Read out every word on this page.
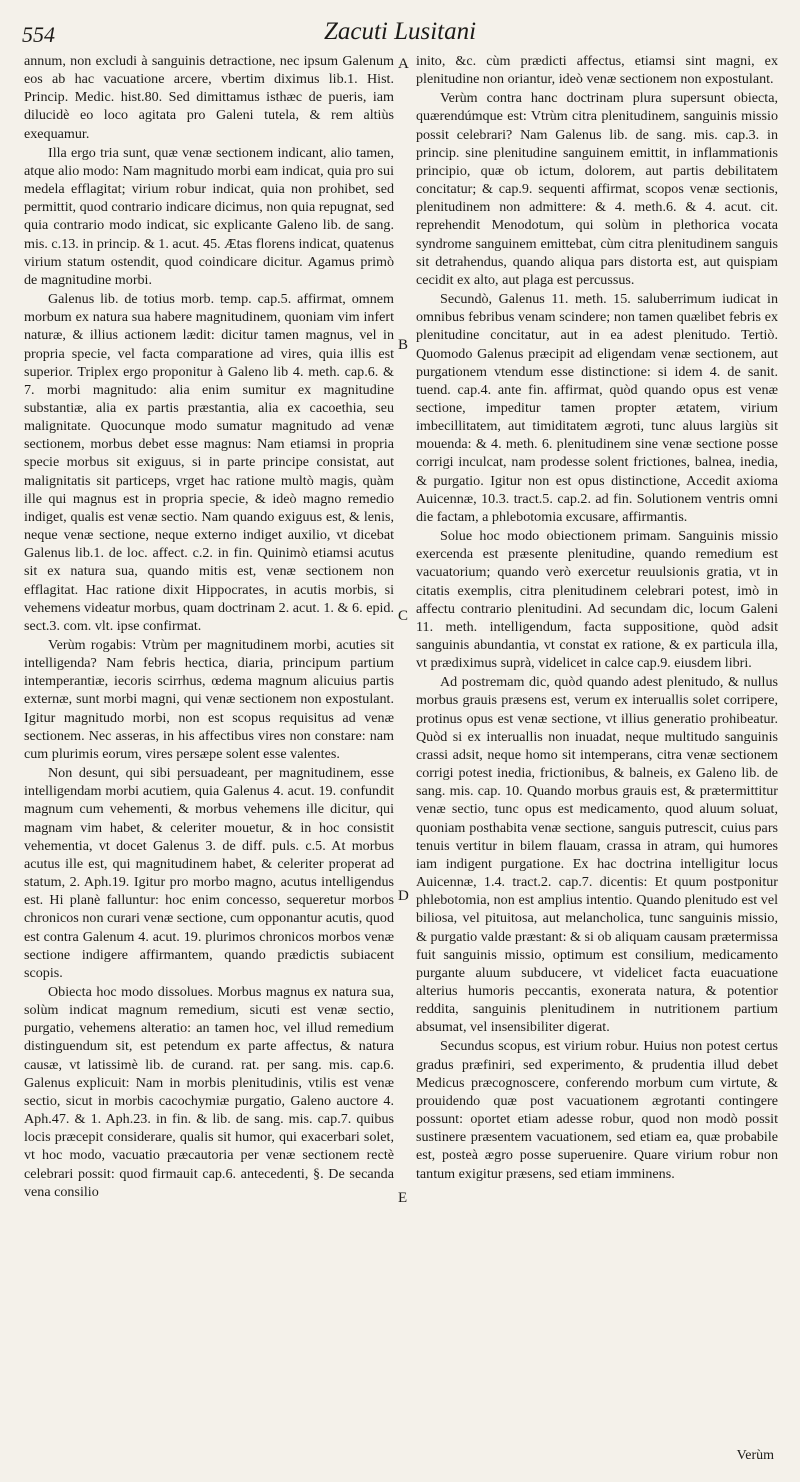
554	Zacuti Lusitani

annum, non excludi à sanguinis detractione, nec ipsum Galenum eos ab hac vacuatione arcere, vbertim diximus lib.1. Hist. Princip. Medic. hist.80. Sed dimittamus isthæc de pueris, iam dilucidè eo loco agitata pro Galeni tutela, & rem altiùs exequamur.

Illa ergo tria sunt, quæ venæ sectionem indicant, alio tamen, atque alio modo: Nam magnitudo morbi eam indicat, quia pro sui medela efflagitat; virium robur indicat, quia non prohibet, sed permittit, quod contrario indicare dicimus, non quia repugnat, sed quia contrario modo indicat, sic explicante Galeno lib. de sang. mis. c.13. in princip. & 1. acut. 45. Ætas florens indicat, quatenus virium statum ostendit, quod coindicare dicitur. Agamus primò de magnitudine morbi.

Galenus lib. de totius morb. temp. cap.5. affirmat, omnem morbum ex natura sua habere magnitudinem, quoniam vim infert naturæ, & illius actionem lædit: dicitur tamen magnus, vel in propria specie, vel facta comparatione ad vires, quia illis est superior. Triplex ergo proponitur à Galeno lib 4. meth. cap.6. & 7. morbi magnitudo: alia enim sumitur ex magnitudine substantiæ, alia ex partis præstantia, alia ex cacoethia, seu malignitate. Quocunque modo sumatur magnitudo ad venæ sectionem, morbus debet esse magnus: Nam etiamsi in propria specie morbus sit exiguus, si in parte principe consistat, aut malignitatis sit particeps, vrget hac ratione multò magis, quàm ille qui magnus est in propria specie, & ideò magno remedio indiget, qualis est venæ sectio. Nam quando exiguus est, & lenis, neque venæ sectione, neque externo indiget auxilio, vt dicebat Galenus lib.1. de loc. affect. c.2. in fin. Quinimò etiamsi acutus sit ex natura sua, quando mitis est, venæ sectionem non efflagitat. Hac ratione dixit Hippocrates, in acutis morbis, si vehemens videatur morbus, quam doctrinam 2. acut. 1. & 6. epid. sect.3. com. vlt. ipse confirmat.

Verùm rogabis: Vtrùm per magnitudinem morbi, acuties sit intelligenda? Nam febris hectica, diaria, principum partium intemperantiæ, iecoris scirrhus, œdema magnum alicuius partis externæ, sunt morbi magni, qui venæ sectionem non expostulant. Igitur magnitudo morbi, non est scopus requisitus ad venæ sectionem. Nec asseras, in his affectibus vires non constare: nam cum plurimis eorum, vires persæpe solent esse valentes.

Non desunt, qui sibi persuadeant, per magnitudinem, esse intelligendam morbi acutiem, quia Galenus 4. acut. 19. confundit magnum cum vehementi, & morbus vehemens ille dicitur, qui magnam vim habet, & celeriter mouetur, & in hoc consistit vehementia, vt docet Galenus 3. de diff. puls. c.5. At morbus acutus ille est, qui magnitudinem habet, & celeriter properat ad statum, 2. Aph.19. Igitur pro morbo magno, acutus intelligendus est. Hi planè falluntur: hoc enim concesso, sequeretur morbos chronicos non curari venæ sectione, cum opponantur acutis, quod est contra Galenum 4. acut. 19. plurimos chronicos morbos venæ sectione indigere affirmantem, quando prædictis subiacent scopis.

Obiecta hoc modo dissolues. Morbus magnus ex natura sua, solùm indicat magnum remedium, sicuti est venæ sectio, purgatio, vehemens alteratio: an tamen hoc, vel illud remedium distinguendum sit, est petendum ex parte affectus, & natura causæ, vt latissimè lib. de curand. rat. per sang. mis. cap.6. Galenus explicuit: Nam in morbis plenitudinis, vtilis est venæ sectio, sicut in morbis cacochymiæ purgatio, Galeno auctore 4. Aph.47. & 1. Aph.23. in fin. & lib. de sang. mis. cap.7. quibus locis præcepit considerare, qualis sit humor, qui exacerbari solet, vt hoc modo, vacuatio præcautoria per venæ sectionem rectè celebrari possit: quod firmauit cap.6. antecedenti, §. De secanda vena consilio

A
B
C
D
E

inito, &c. cùm prædicti affectus, etiamsi sint magni, ex plenitudine non oriantur, ideò venæ sectionem non expostulant.

Verùm contra hanc doctrinam plura supersunt obiecta, quærendúmque est: Vtrùm citra plenitudinem, sanguinis missio possit celebrari? Nam Galenus lib. de sang. mis. cap.3. in princip. sine plenitudine sanguinem emittit, in inflammationis principio, quæ ob ictum, dolorem, aut partis debilitatem concitatur; & cap.9. sequenti affirmat, scopos venæ sectionis, plenitudinem non admittere: & 4. meth.6. & 4. acut. cit. reprehendit Menodotum, qui solùm in plethorica vocata syndrome sanguinem emittebat, cùm citra plenitudinem sanguis sit detrahendus, quando aliqua pars distorta est, aut quispiam cecidit ex alto, aut plaga est percussus.

Secundò, Galenus 11. meth. 15. saluberrimum iudicat in omnibus febribus venam scindere; non tamen quælibet febris ex plenitudine concitatur, aut in ea adest plenitudo. Tertiò. Quomodo Galenus præcipit ad eligendam venæ sectionem, aut purgationem vtendum esse distinctione: si idem 4. de sanit. tuend. cap.4. ante fin. affirmat, quòd quando opus est venæ sectione, impeditur tamen propter ætatem, virium imbecillitatem, aut timiditatem ægroti, tunc aluus largiùs sit mouenda: & 4. meth. 6. plenitudinem sine venæ sectione posse corrigi inculcat, nam prodesse solent frictiones, balnea, inedia, & purgatio. Igitur non est opus distinctione, Accedit axioma Auicennæ, 10.3. tract.5. cap.2. ad fin. Solutionem ventris omni die factam, a phlebotomia excusare, affirmantis.

Solue hoc modo obiectionem primam. Sanguinis missio exercenda est præsente plenitudine, quando remedium est vacuatorium; quando verò exercetur reuulsionis gratia, vt in citatis exemplis, citra plenitudinem celebrari potest, imò in affectu contrario plenitudini. Ad secundam dic, locum Galeni 11. meth. intelligendum, facta suppositione, quòd adsit sanguinis abundantia, vt constat ex ratione, & ex particula illa, vt prædiximus suprà, videlicet in calce cap.9. eiusdem libri.

Ad postremam dic, quòd quando adest plenitudo, & nullus morbus grauis præsens est, verum ex interuallis solet corripere, protinus opus est venæ sectione, vt illius generatio prohibeatur. Quòd si ex interuallis non inuadat, neque multitudo sanguinis crassi adsit, neque homo sit intemperans, citra venæ sectionem corrigi potest inedia, frictionibus, & balneis, ex Galeno lib. de sang. mis. cap. 10. Quando morbus grauis est, & prætermittitur venæ sectio, tunc opus est medicamento, quod aluum soluat, quoniam posthabita venæ sectione, sanguis putrescit, cuius pars tenuis vertitur in bilem flauam, crassa in atram, qui humores iam indigent purgatione. Ex hac doctrina intelligitur locus Auicennæ, 1.4. tract.2. cap.7. dicentis: Et quum postponitur phlebotomia, non est amplius intentio. Quando plenitudo est vel biliosa, vel pituitosa, aut melancholica, tunc sanguinis missio, & purgatio valde præstant: & si ob aliquam causam prætermissa fuit sanguinis missio, optimum est consilium, medicamento purgante aluum subducere, vt videlicet facta euacuatione alterius humoris peccantis, exonerata natura, & potentior reddita, sanguinis plenitudinem in nutritionem partium absumat, vel insensibiliter digerat.

Secundus scopus, est virium robur. Huius non potest certus gradus præfiniri, sed experimento, & prudentia illud debet Medicus præcognoscere, conferendo morbum cum virtute, & prouidendo quæ post vacuationem ægrotanti contingere possunt: oportet etiam adesse robur, quod non modò possit sustinere præsentem vacuationem, sed etiam ea, quæ probabile est, posteà ægro posse superuenire. Quare virium robur non tantum exigitur præsens, sed etiam imminens.

Verùm
